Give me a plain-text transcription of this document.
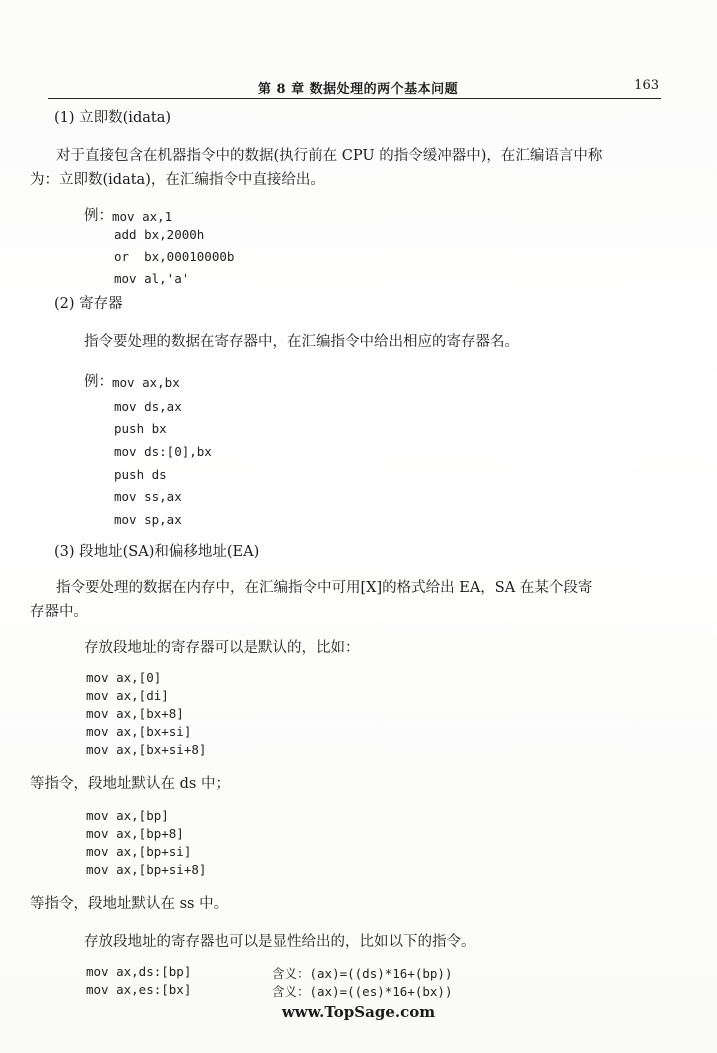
第 8 章 数据处理的两个基本问题	163
(1) 立即数(idata)
对于直接包含在机器指令中的数据(执行前在 CPU 的指令缓冲器中)，在汇编语言中称
为：立即数(idata)，在汇编指令中直接给出。
例： mov ax,1
add bx,2000h
or  bx,00010000b
mov al,'a'
(2) 寄存器
指令要处理的数据在寄存器中，在汇编指令中给出相应的寄存器名。
例： mov ax,bx
mov ds,ax
push bx
mov ds:[0],bx
push ds
mov ss,ax
mov sp,ax
(3) 段地址(SA)和偏移地址(EA)
指令要处理的数据在内存中，在汇编指令中可用[X]的格式给出 EA，SA 在某个段寄
存器中。
存放段地址的寄存器可以是默认的，比如：
mov ax,[0]
mov ax,[di]
mov ax,[bx+8]
mov ax,[bx+si]
mov ax,[bx+si+8]
等指令，段地址默认在 ds 中；
mov ax,[bp]
mov ax,[bp+8]
mov ax,[bp+si]
mov ax,[bp+si+8]
等指令，段地址默认在 ss 中。
存放段地址的寄存器也可以是显性给出的，比如以下的指令。
mov ax,ds:[bp]	含义：(ax)=((ds)*16+(bp))
mov ax,es:[bx]	含义：(ax)=((es)*16+(bx))
www.TopSage.com
